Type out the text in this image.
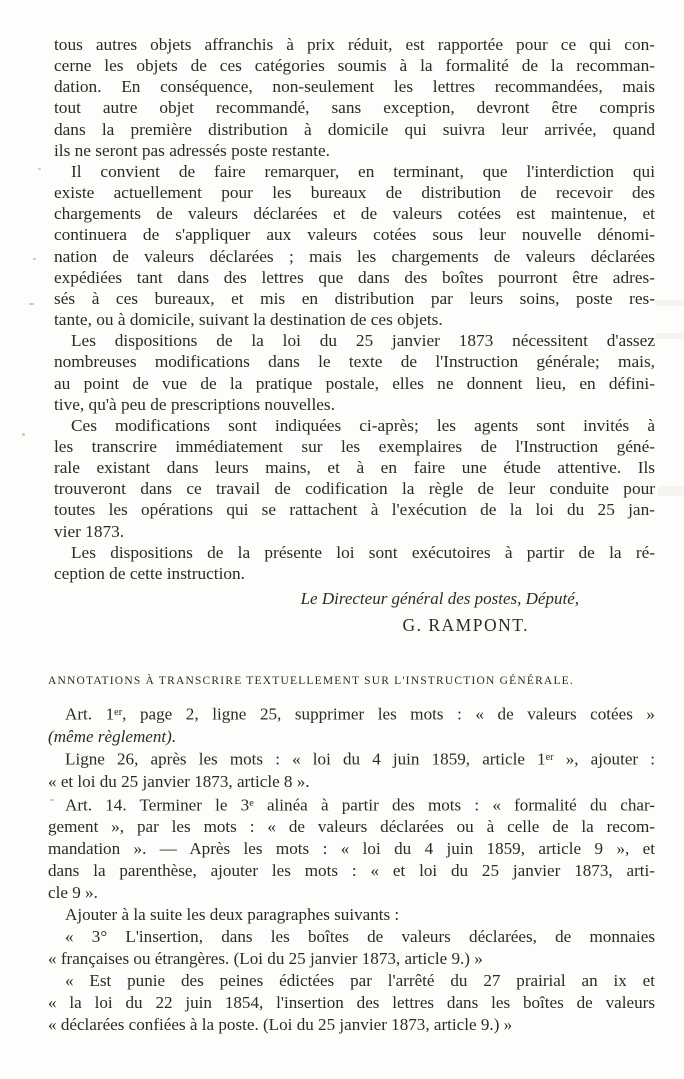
tous autres objets affranchis à prix réduit, est rapportée pour ce qui con-
cerne les objets de ces catégories soumis à la formalité de la recomman-
dation. En conséquence, non-seulement les lettres recommandées, mais
tout autre objet recommandé, sans exception, devront être compris
dans la première distribution à domicile qui suivra leur arrivée, quand
ils ne seront pas adressés poste restante.
Il convient de faire remarquer, en terminant, que l'interdiction qui
existe actuellement pour les bureaux de distribution de recevoir des
chargements de valeurs déclarées et de valeurs cotées est maintenue, et
continuera de s'appliquer aux valeurs cotées sous leur nouvelle dénomi-
nation de valeurs déclarées ; mais les chargements de valeurs déclarées
expédiées tant dans des lettres que dans des boîtes pourront être adres-
sés à ces bureaux, et mis en distribution par leurs soins, poste res-
tante, ou à domicile, suivant la destination de ces objets.
Les dispositions de la loi du 25 janvier 1873 nécessitent d'assez
nombreuses modifications dans le texte de l'Instruction générale; mais,
au point de vue de la pratique postale, elles ne donnent lieu, en défini-
tive, qu'à peu de prescriptions nouvelles.
Ces modifications sont indiquées ci-après; les agents sont invités à
les transcrire immédiatement sur les exemplaires de l'Instruction géné-
rale existant dans leurs mains, et à en faire une étude attentive. Ils
trouveront dans ce travail de codification la règle de leur conduite pour
toutes les opérations qui se rattachent à l'exécution de la loi du 25 jan-
vier 1873.
Les dispositions de la présente loi sont exécutoires à partir de la ré-
ception de cette instruction.
Le Directeur général des postes, Député,
G. RAMPONT.
ANNOTATIONS À TRANSCRIRE TEXTUELLEMENT SUR L'INSTRUCTION GÉNÉRALE.
Art. 1er, page 2, ligne 25, supprimer les mots : « de valeurs cotées »
(même règlement).
Ligne 26, après les mots : « loi du 4 juin 1859, article 1er », ajouter :
« et loi du 25 janvier 1873, article 8 ».
Art. 14. Terminer le 3e alinéa à partir des mots : « formalité du char-
gement », par les mots : « de valeurs déclarées ou à celle de la recom-
mandation ». — Après les mots : « loi du 4 juin 1859, article 9 », et
dans la parenthèse, ajouter les mots : « et loi du 25 janvier 1873, arti-
cle 9 ».
Ajouter à la suite les deux paragraphes suivants :
« 3° L'insertion, dans les boîtes de valeurs déclarées, de monnaies
« françaises ou étrangères. (Loi du 25 janvier 1873, article 9.) »
« Est punie des peines édictées par l'arrêté du 27 prairial an ix et
« la loi du 22 juin 1854, l'insertion des lettres dans les boîtes de valeurs
« déclarées confiées à la poste. (Loi du 25 janvier 1873, article 9.) »
